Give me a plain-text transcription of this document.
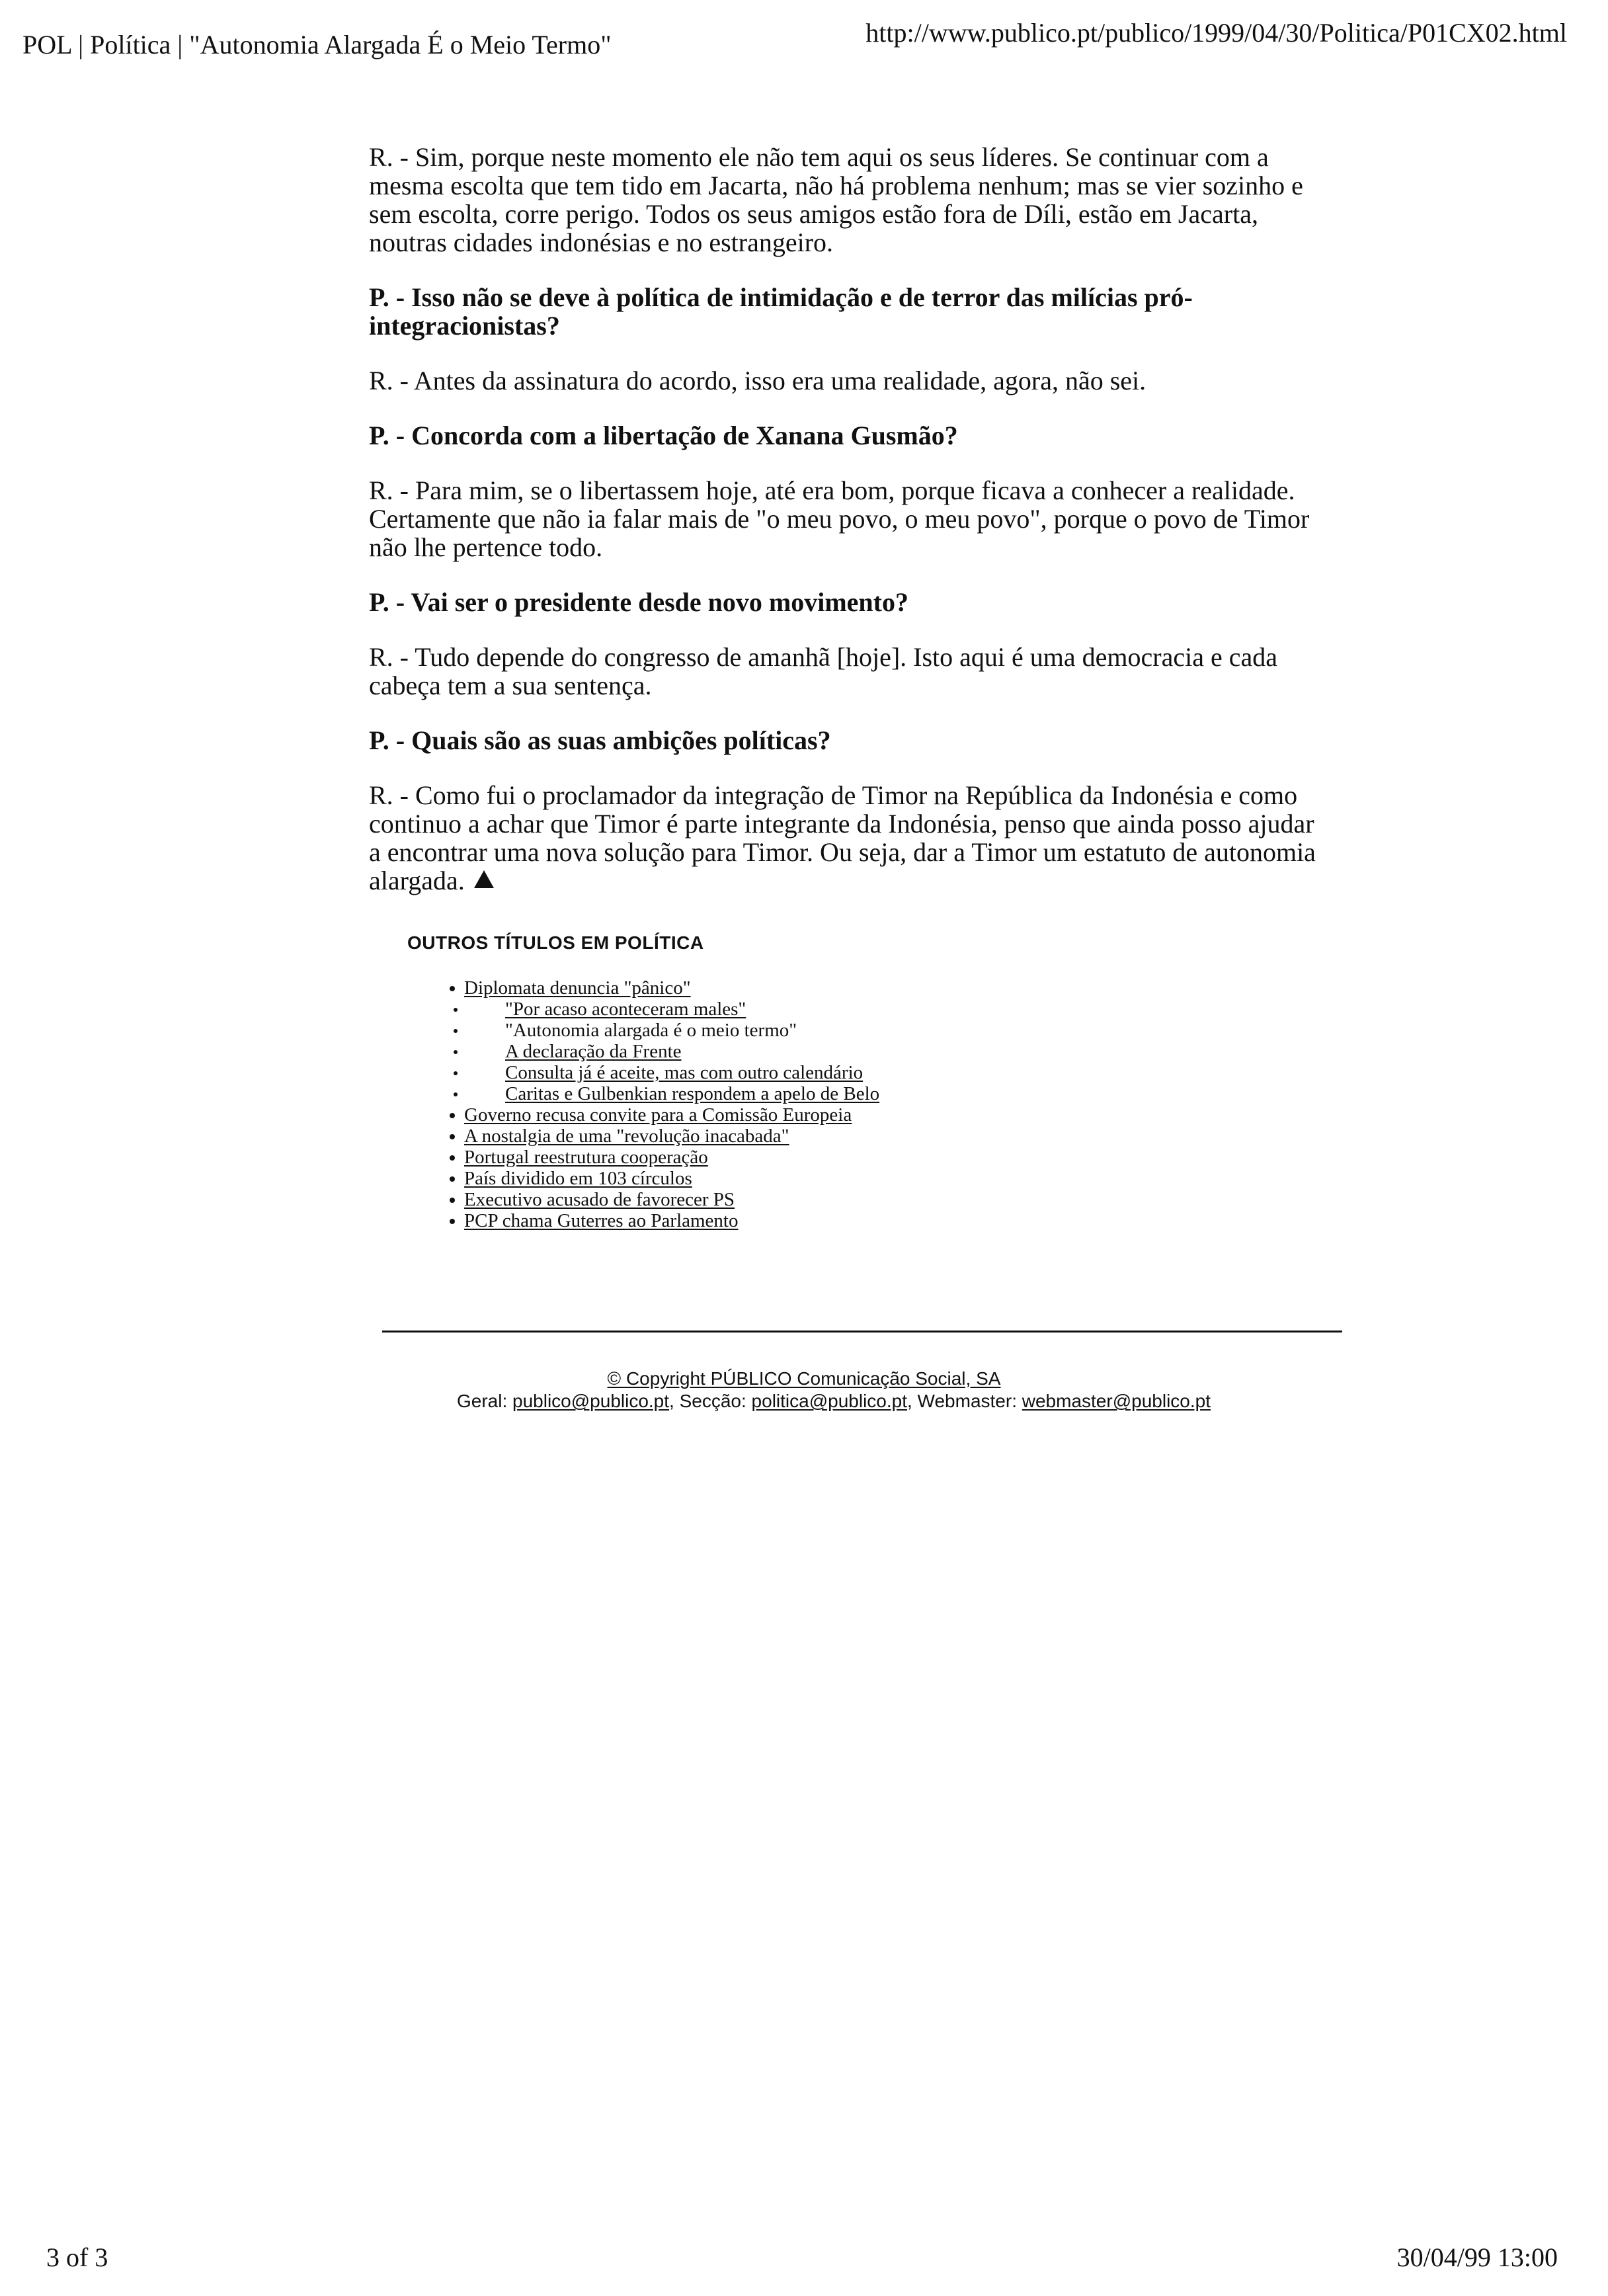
POL | Política | "Autonomia Alargada É o Meio Termo"	http://www.publico.pt/publico/1999/04/30/Politica/P01CX02.html

R. - Sim, porque neste momento ele não tem aqui os seus líderes. Se continuar com a mesma escolta que tem tido em Jacarta, não há problema nenhum; mas se vier sozinho e sem escolta, corre perigo. Todos os seus amigos estão fora de Díli, estão em Jacarta, noutras cidades indonésias e no estrangeiro.

P. - Isso não se deve à política de intimidação e de terror das milícias pró-integracionistas?

R. - Antes da assinatura do acordo, isso era uma realidade, agora, não sei.

P. - Concorda com a libertação de Xanana Gusmão?

R. - Para mim, se o libertassem hoje, até era bom, porque ficava a conhecer a realidade. Certamente que não ia falar mais de "o meu povo, o meu povo", porque o povo de Timor não lhe pertence todo.

P. - Vai ser o presidente desde novo movimento?

R. - Tudo depende do congresso de amanhã [hoje]. Isto aqui é uma democracia e cada cabeça tem a sua sentença.

P. - Quais são as suas ambições políticas?

R. - Como fui o proclamador da integração de Timor na República da Indonésia e como continuo a achar que Timor é parte integrante da Indonésia, penso que ainda posso ajudar a encontrar uma nova solução para Timor. Ou seja, dar a Timor um estatuto de autonomia alargada.

OUTROS TÍTULOS EM POLÍTICA
Diplomata denuncia "pânico"
"Por acaso aconteceram males"
"Autonomia alargada é o meio termo"
A declaração da Frente
Consulta já é aceite, mas com outro calendário
Caritas e Gulbenkian respondem a apelo de Belo
Governo recusa convite para a Comissão Europeia
A nostalgia de uma "revolução inacabada"
Portugal reestrutura cooperação
País dividido em 103 círculos
Executivo acusado de favorecer PS
PCP chama Guterres ao Parlamento
© Copyright PÚBLICO Comunicação Social, SA
Geral: publico@publico.pt, Secção: politica@publico.pt, Webmaster: webmaster@publico.pt
3 of 3	30/04/99 13:00
